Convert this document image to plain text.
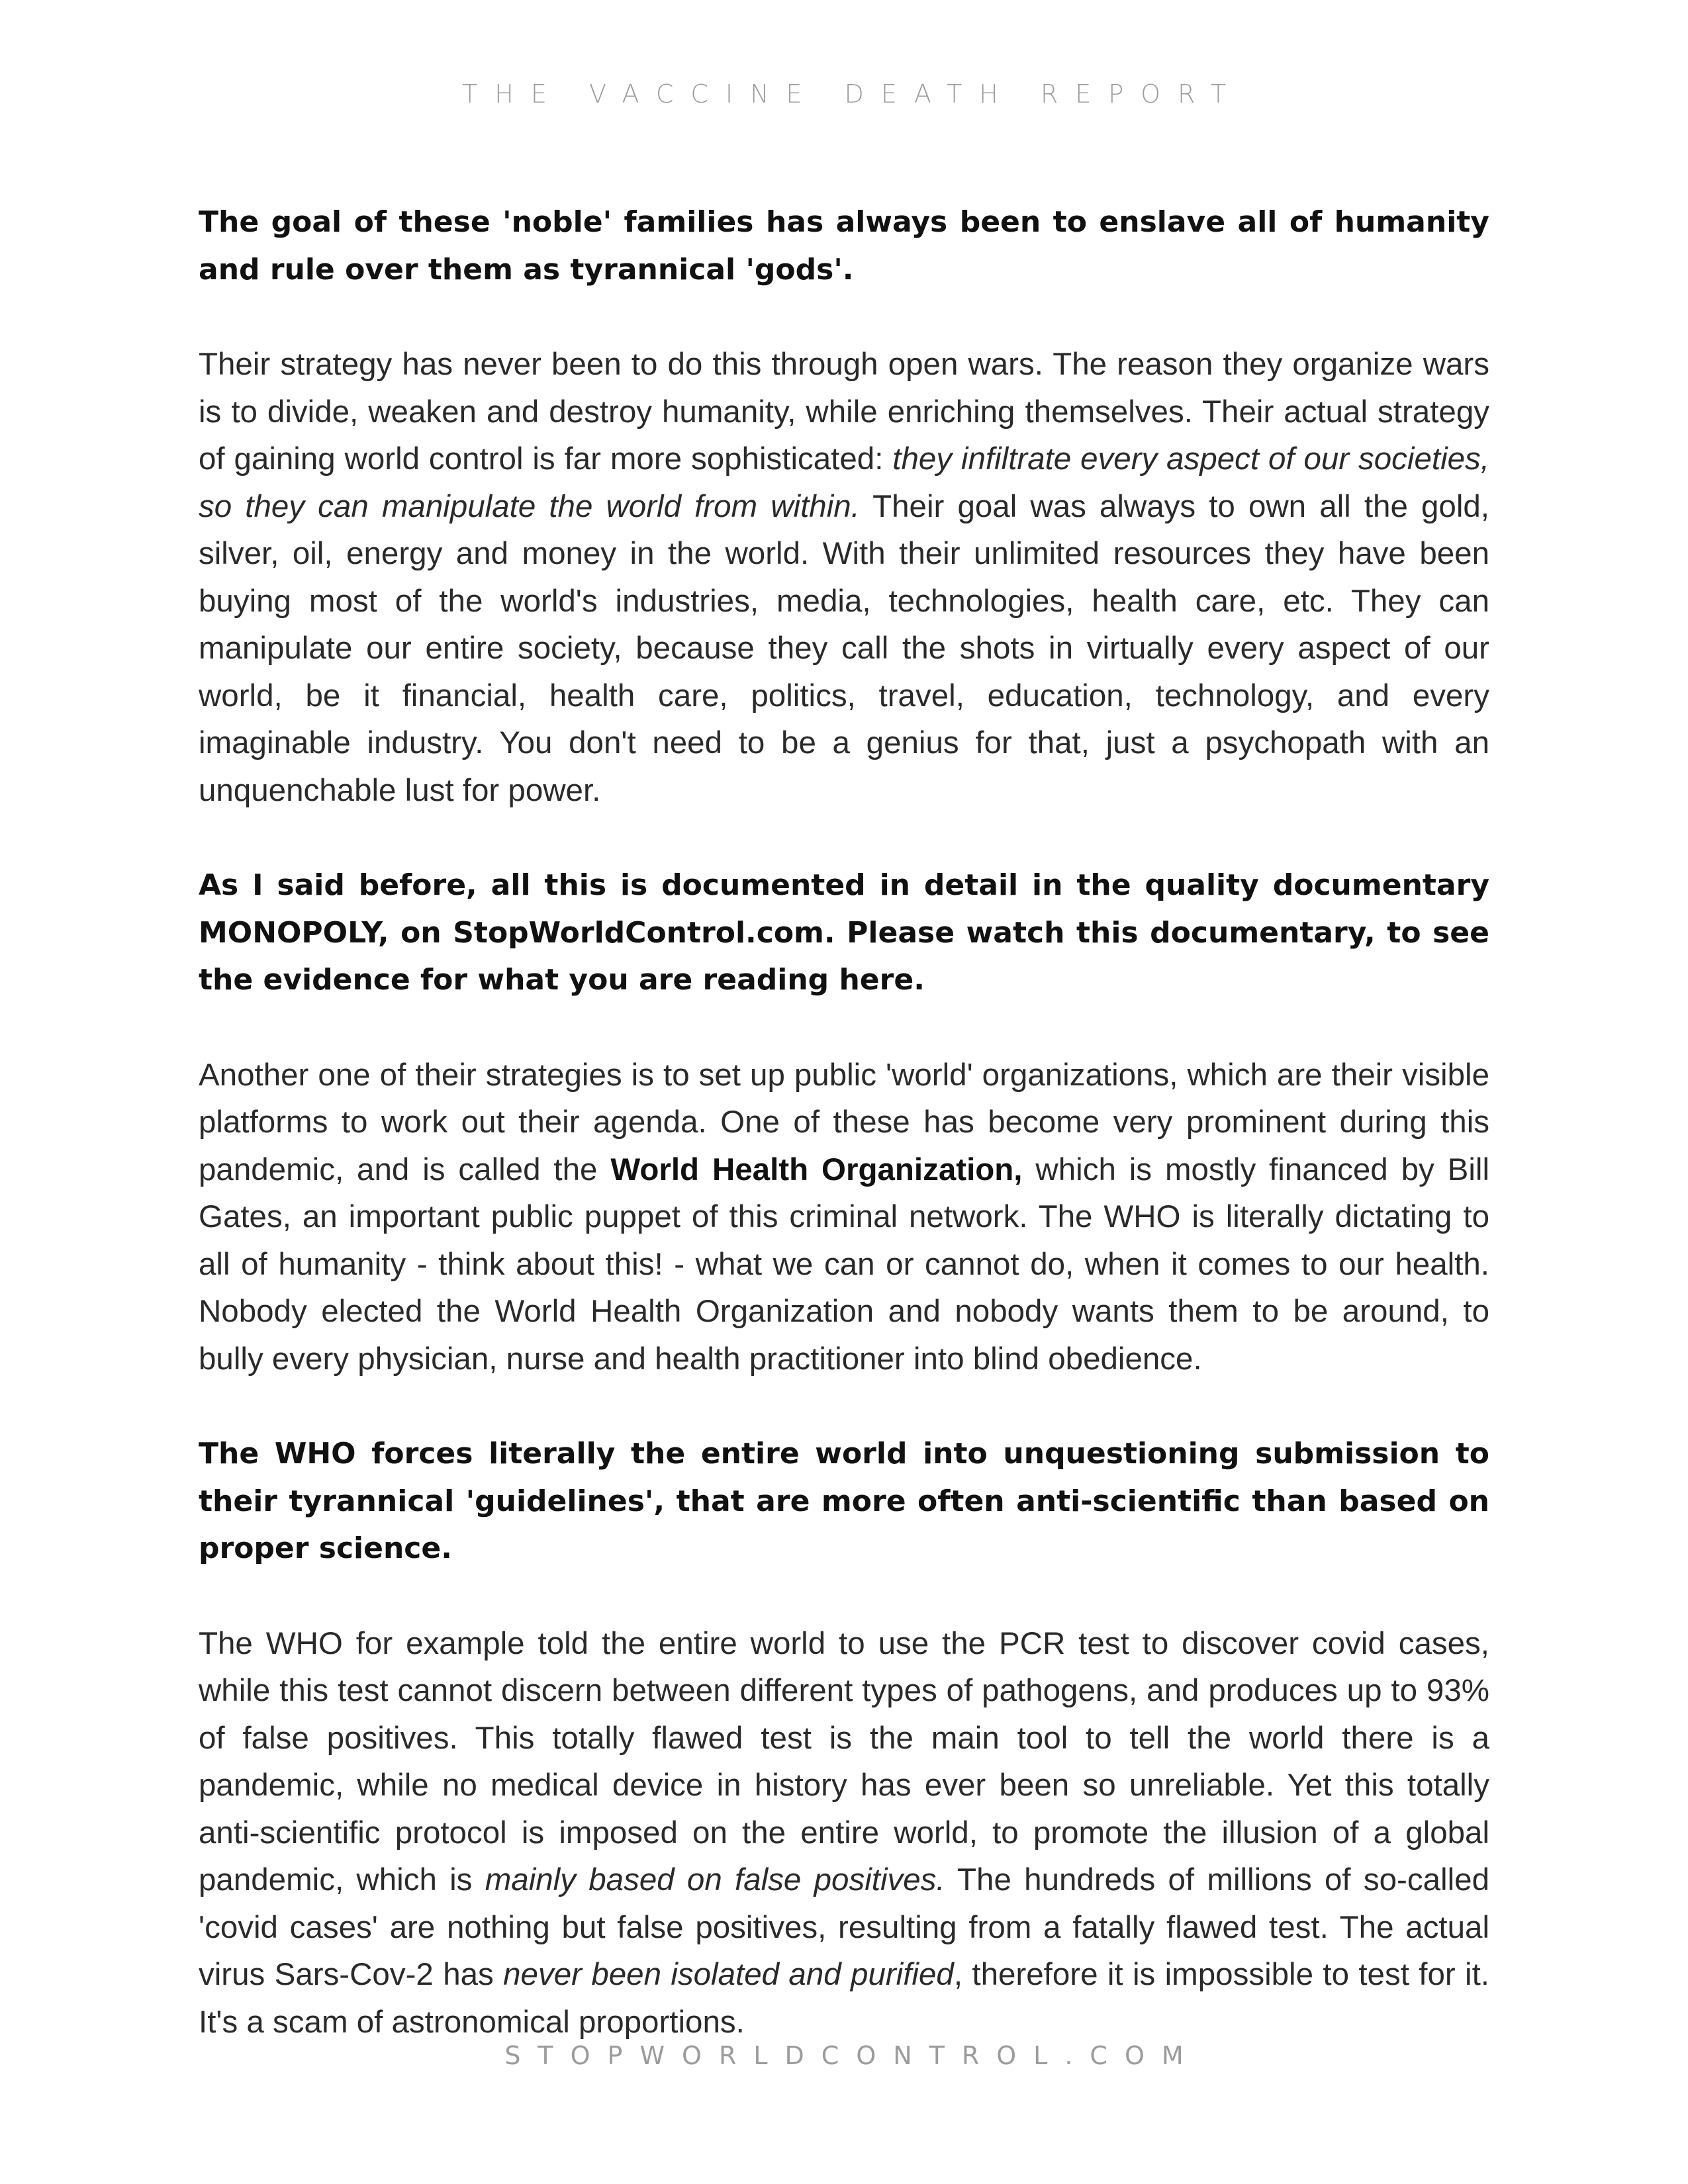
THE VACCINE DEATH REPORT

The goal of these 'noble' families has always been to enslave all of humanity and rule over them as tyrannical 'gods'.

Their strategy has never been to do this through open wars. The reason they organize wars is to divide, weaken and destroy humanity, while enriching themselves. Their actual strategy of gaining world control is far more sophisticated: they infiltrate every aspect of our societies, so they can manipulate the world from within. Their goal was always to own all the gold, silver, oil, energy and money in the world. With their unlimited resources they have been buying most of the world's industries, media, technologies, health care, etc. They can manipulate our entire society, because they call the shots in virtually every aspect of our world, be it financial, health care, politics, travel, education, technology, and every imaginable industry. You don't need to be a genius for that, just a psychopath with an unquenchable lust for power.

As I said before, all this is documented in detail in the quality documentary MONOPOLY, on StopWorldControl.com. Please watch this documentary, to see the evidence for what you are reading here.

Another one of their strategies is to set up public 'world' organizations, which are their visible platforms to work out their agenda. One of these has become very prominent during this pandemic, and is called the World Health Organization, which is mostly financed by Bill Gates, an important public puppet of this criminal network. The WHO is literally dictating to all of humanity - think about this! - what we can or cannot do, when it comes to our health. Nobody elected the World Health Organization and nobody wants them to be around, to bully every physician, nurse and health practitioner into blind obedience.

The WHO forces literally the entire world into unquestioning submission to their tyrannical 'guidelines', that are more often anti-scientific than based on proper science.

The WHO for example told the entire world to use the PCR test to discover covid cases, while this test cannot discern between different types of pathogens, and produces up to 93% of false positives. This totally flawed test is the main tool to tell the world there is a pandemic, while no medical device in history has ever been so unreliable. Yet this totally anti-scientific protocol is imposed on the entire world, to promote the illusion of a global pandemic, which is mainly based on false positives. The hundreds of millions of so-called 'covid cases' are nothing but false positives, resulting from a fatally flawed test. The actual virus Sars-Cov-2 has never been isolated and purified, therefore it is impossible to test for it. It's a scam of astronomical proportions.

STOPWORLDCONTROL.COM
